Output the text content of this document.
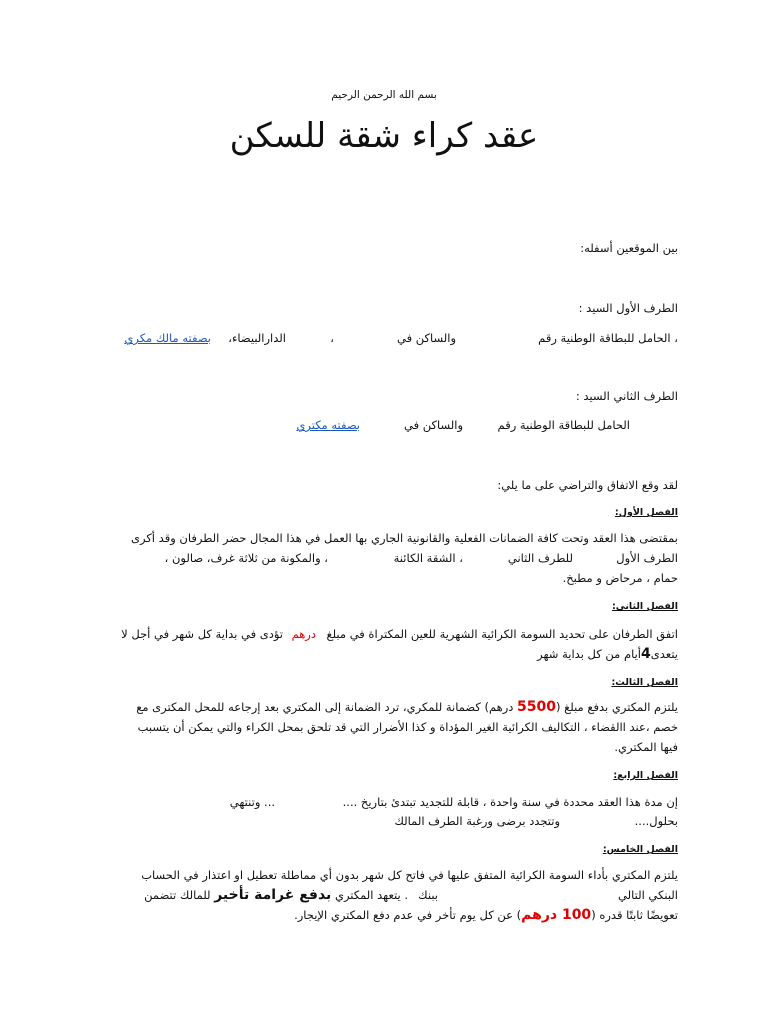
بسم الله الرحمن الرحيم
عقد كراء شقة للسكن
بين الموقعين أسفله:
الطرف الأول السيد :
، الحامل للبطاقة الوطنية رقم
والساكن في
،
الدارالبيضاء،
بصفته مالك مكري
الطرف الثاني السيد :
الحامل للبطاقة الوطنية رقم
والساكن في
بصفته مكتري
لقد وقع الاتفاق والتراضي على ما يلي:
الفصل الأول:
بمقتضى هذا العقد وتحت كافة الضمانات الفعلية والقانونية الجاري بها العمل في هذا المجال حضر الطرفان وقد أكرى
الطرف الأول
للطرف الثاني
، الشقة الكائنة
، والمكونة من ثلاثة غرف، صالون ،
حمام ، مرحاض و مطبخ.
الفصل الثاني:
اتفق الطرفان على تحديد السومة الكرائية الشهرية للعين المكتراة في مبلغ
درهم
تؤدى في بداية كل شهر في أجل لا
يتعدى4أيام من كل بداية شهر
الفصل الثالث:
يلتزم المكتري بدفع مبلغ (5500 درهم) كضمانة للمكري، ترد الضمانة إلى المكتري بعد إرجاعه للمحل المكترى مع
خصم ،عند االقضاء ، التكاليف الكرائية الغير المؤداة و كذا الأضرار التي قد تلحق بمحل الكراء والتي يمكن أن يتسبب
فيها المكتري.
الفصل الرابع:
إن مدة هذا العقد محددة في سنة واحدة ، قابلة للتجديد تبتدئ بتاريخ ....
... وتنتهي
بحلول....
وتتجدد برضى ورغبة الطرف المالك
الفصل الخامس:
يلتزم المكتري بأداء السومة الكرائية المتفق عليها في فاتح كل شهر بدون أي مماطلة تعطيل او اعتذار في الحساب
البنكي التالي
ببنك
. يتعهد المكتري بدفع غرامة تأخير للمالك تتضمن
تعويضًا ثابتًا قدره (100 درهم) عن كل يوم تأخر في عدم دفع المكتري الإيجار.
